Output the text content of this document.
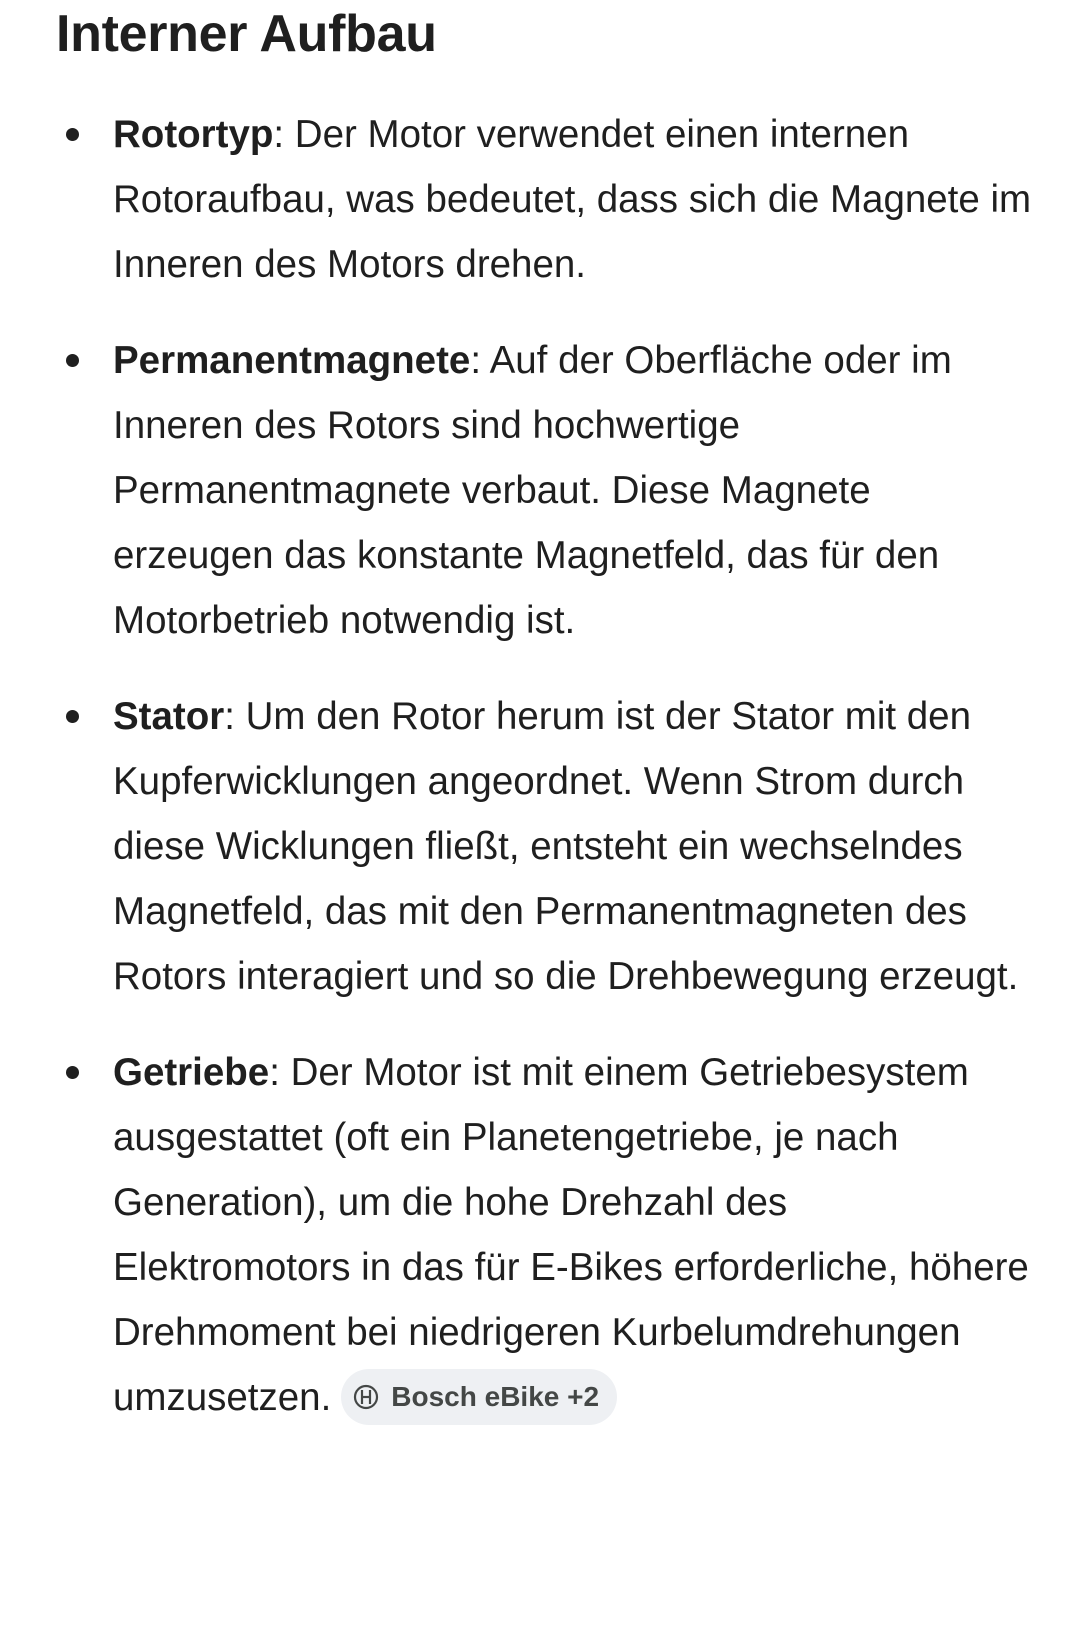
Interner Aufbau
Rotortyp: Der Motor verwendet einen internen Rotoraufbau, was bedeutet, dass sich die Magnete im Inneren des Motors drehen.
Permanentmagnete: Auf der Oberfläche oder im Inneren des Rotors sind hochwertige Permanentmagnete verbaut. Diese Magnete erzeugen das konstante Magnetfeld, das für den Motorbetrieb notwendig ist.
Stator: Um den Rotor herum ist der Stator mit den Kupferwicklungen angeordnet. Wenn Strom durch diese Wicklungen fließt, entsteht ein wechselndes Magnetfeld, das mit den Permanentmagneten des Rotors interagiert und so die Drehbewegung erzeugt.
Getriebe: Der Motor ist mit einem Getriebesystem ausgestattet (oft ein Planetengetriebe, je nach Generation), um die hohe Drehzahl des Elektromotors in das für E-Bikes erforderliche, höhere Drehmoment bei niedrigeren Kurbelumdrehungen umzusetzen. Bosch eBike +2
